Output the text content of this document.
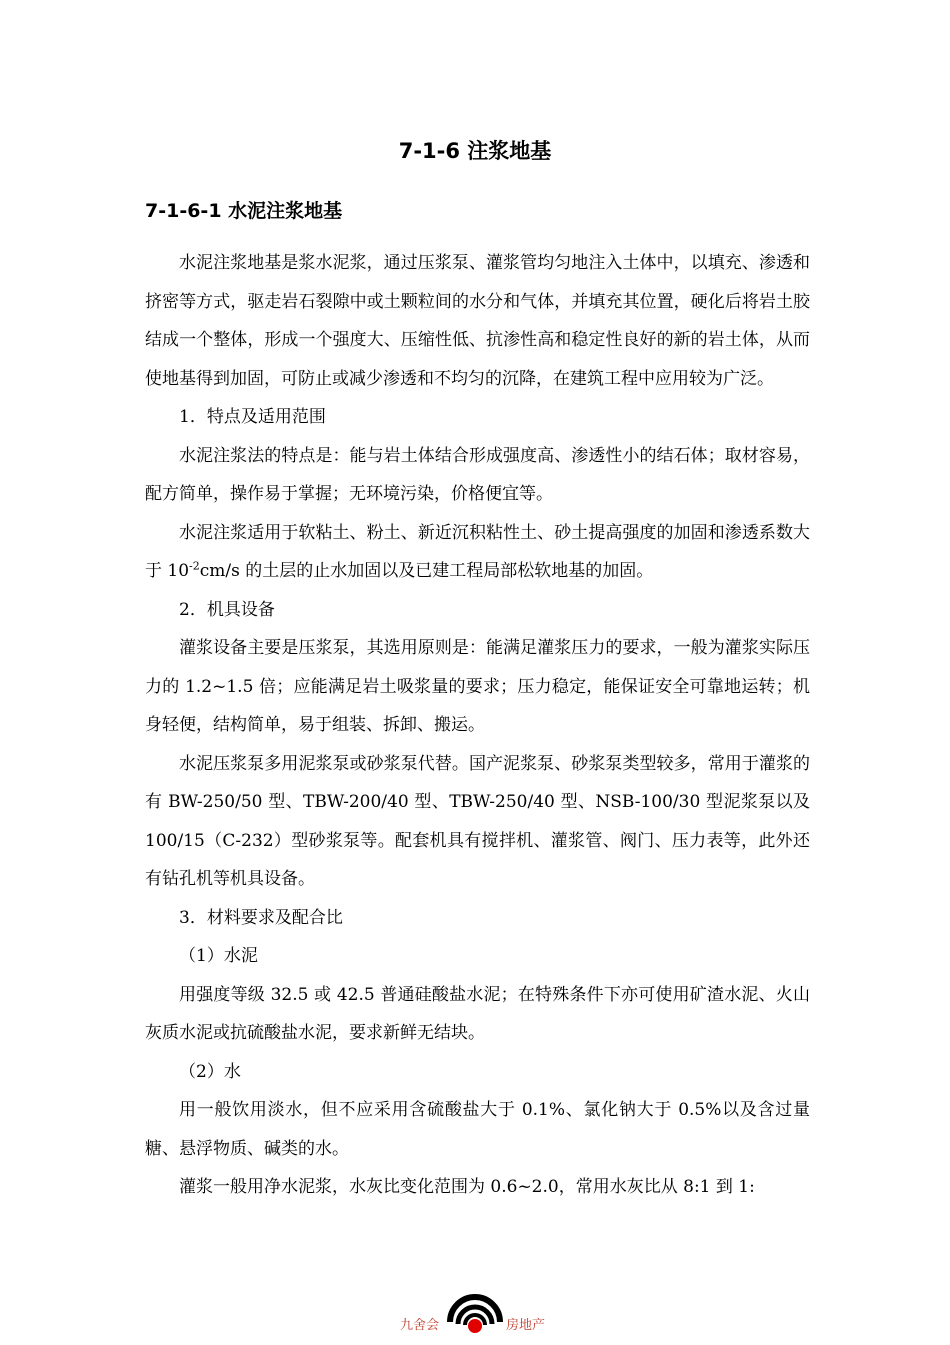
7-1-6 注浆地基
7-1-6-1 水泥注浆地基

水泥注浆地基是浆水泥浆，通过压浆泵、灌浆管均匀地注入土体中，以填充、渗透和挤密等方式，驱走岩石裂隙中或土颗粒间的水分和气体，并填充其位置，硬化后将岩土胶结成一个整体，形成一个强度大、压缩性低、抗渗性高和稳定性良好的新的岩土体，从而使地基得到加固，可防止或减少渗透和不均匀的沉降，在建筑工程中应用较为广泛。

1．特点及适用范围

水泥注浆法的特点是：能与岩土体结合形成强度高、渗透性小的结石体；取材容易，配方简单，操作易于掌握；无环境污染，价格便宜等。

水泥注浆适用于软粘土、粉土、新近沉积粘性土、砂土提高强度的加固和渗透系数大于 $10^{-2}cm/s$ 的土层的止水加固以及已建工程局部松软地基的加固。

2．机具设备

灌浆设备主要是压浆泵，其选用原则是：能满足灌浆压力的要求，一般为灌浆实际压力的 1.2~1.5 倍；应能满足岩土吸浆量的要求；压力稳定，能保证安全可靠地运转；机身轻便，结构简单，易于组装、拆卸、搬运。

水泥压浆泵多用泥浆泵或砂浆泵代替。国产泥浆泵、砂浆泵类型较多，常用于灌浆的有 BW-250/50 型、TBW-200/40 型、TBW-250/40 型、NSB-100/30 型泥浆泵以及 100/15（C-232）型砂浆泵等。配套机具有搅拌机、灌浆管、阀门、压力表等，此外还有钻孔机等机具设备。

3．材料要求及配合比

（1）水泥

用强度等级 32.5 或 42.5 普通硅酸盐水泥；在特殊条件下亦可使用矿渣水泥、火山灰质水泥或抗硫酸盐水泥，要求新鲜无结块。

（2）水

用一般饮用淡水，但不应采用含硫酸盐大于 0.1%、氯化钠大于 0.5%以及含过量糖、悬浮物质、碱类的水。

灌浆一般用净水泥浆，水灰比变化范围为 0.6~2.0，常用水灰比从 8:1 到 1:

九舍会	房地产
